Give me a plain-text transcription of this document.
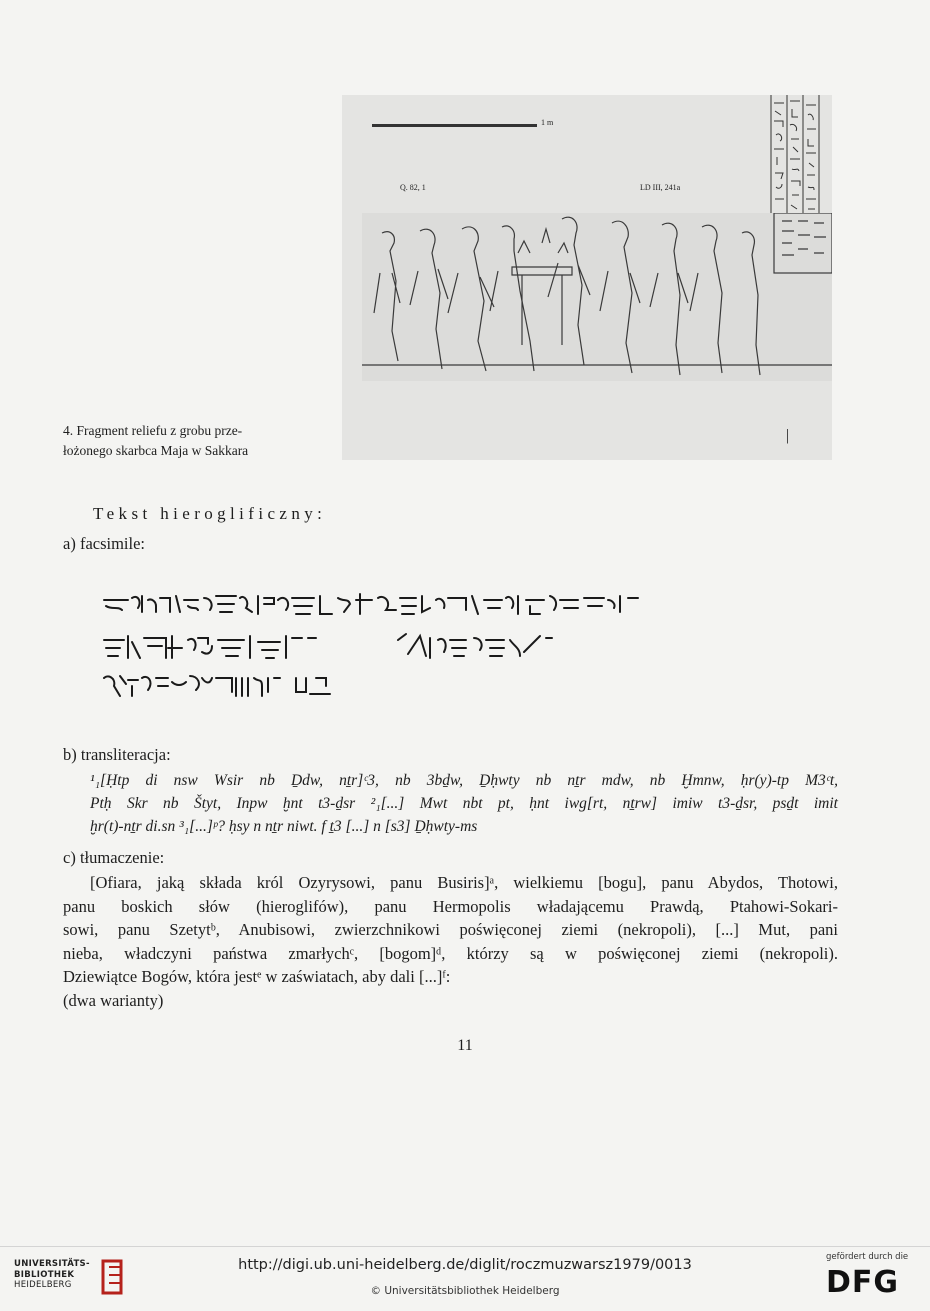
1 m
Q. 82, 1	LD III, 241a
|
4. Fragment reliefu z grobu prze-
łożonego skarbca Maja w Sakkara
Tekst hieroglificzny:
a) facsimile:
b) transliteracja:
¹₁[Ḥtp di nsw Wsir nb Ḏdw, nṯr]ᶜ3, nb 3bḏw, Ḏḥwty nb nṯr mdw, nb Ḫmnw, ḥr(y)-tp M3ᶜt,
Ptḥ Skr nb Štyt, Inpw ḫnt t3-ḏsr ²₁[...] Mwt nbt pt, ḥnt iwg[rt, nṯrw] imiw t3-ḏsr, psḏt imit
ḫr(t)-nṯr di.sn ³₁[...]ᵖ? ḥsy n nṯr niwt. f ṯ3 [...] n [s3] Ḏḥwty-ms
c) tłumaczenie:
[Ofiara, jaką składa król Ozyrysowi, panu Busiris]ᵃ, wielkiemu [bogu], panu Abydos, Thotowi,
panu boskich słów (hieroglifów), panu Hermopolis władającemu Prawdą, Ptahowi-Sokari-
sowi, panu Szetytᵇ, Anubisowi, zwierzchnikowi poświęconej ziemi (nekropoli), [...] Mut, pani
nieba, władczyni państwa zmarłychᶜ, [bogom]ᵈ, którzy są w poświęconej ziemi (nekropoli).
Dziewiątce Bogów, która jestᵉ w zaświatach, aby dali [...]ᶠ:
(dwa warianty)
11
UNIVERSITÄTS-
BIBLIOTHEK
HEIDELBERG
http://digi.ub.uni-heidelberg.de/diglit/roczmuzwarsz1979/0013
© Universitätsbibliothek Heidelberg
gefördert durch die
DFG
